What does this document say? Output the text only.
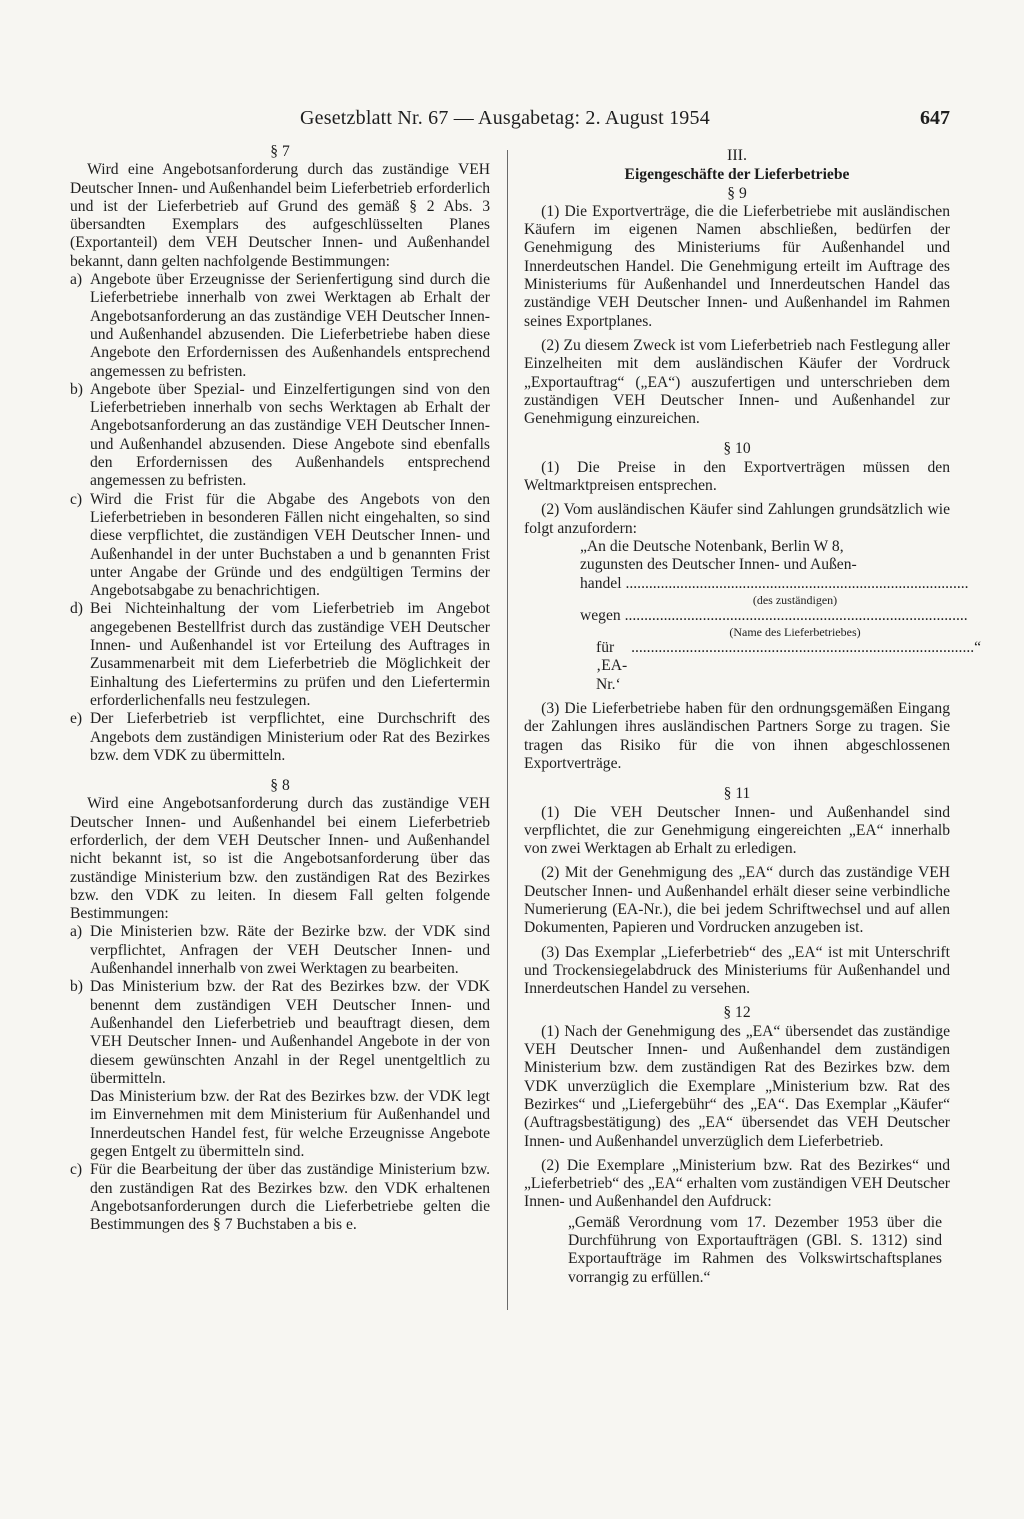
Gesetzblatt Nr. 67 — Ausgabetag: 2. August 1954	647
§ 7

Wird eine Angebotsanforderung durch das zuständige VEH Deutscher Innen- und Außenhandel beim Lieferbetrieb erforderlich und ist der Lieferbetrieb auf Grund des gemäß § 2 Abs. 3 übersandten Exemplars des aufgeschlüsselten Planes (Exportanteil) dem VEH Deutscher Innen- und Außenhandel bekannt, dann gelten nachfolgende Bestimmungen:

a) Angebote über Erzeugnisse der Serienfertigung sind durch die Lieferbetriebe innerhalb von zwei Werktagen ab Erhalt der Angebotsanforderung an das zuständige VEH Deutscher Innen- und Außenhandel abzusenden. Die Lieferbetriebe haben diese Angebote den Erfordernissen des Außenhandels entsprechend angemessen zu befristen.
b) Angebote über Spezial- und Einzelfertigungen sind von den Lieferbetrieben innerhalb von sechs Werktagen ab Erhalt der Angebotsanforderung an das zuständige VEH Deutscher Innen- und Außenhandel abzusenden. Diese Angebote sind ebenfalls den Erfordernissen des Außenhandels entsprechend angemessen zu befristen.
c) Wird die Frist für die Abgabe des Angebots von den Lieferbetrieben in besonderen Fällen nicht eingehalten, so sind diese verpflichtet, die zuständigen VEH Deutscher Innen- und Außenhandel in der unter Buchstaben a und b genannten Frist unter Angabe der Gründe und des endgültigen Termins der Angebotsabgabe zu benachrichtigen.
d) Bei Nichteinhaltung der vom Lieferbetrieb im Angebot angegebenen Bestellfrist durch das zuständige VEH Deutscher Innen- und Außenhandel ist vor Erteilung des Auftrages in Zusammenarbeit mit dem Lieferbetrieb die Möglichkeit der Einhaltung des Liefertermins zu prüfen und den Liefertermin erforderlichenfalls neu festzulegen.
e) Der Lieferbetrieb ist verpflichtet, eine Durchschrift des Angebots dem zuständigen Ministerium oder Rat des Bezirkes bzw. dem VDK zu übermitteln.
§ 8

Wird eine Angebotsanforderung durch das zuständige VEH Deutscher Innen- und Außenhandel bei einem Lieferbetrieb erforderlich, der dem VEH Deutscher Innen- und Außenhandel nicht bekannt ist, so ist die Angebotsanforderung über das zuständige Ministerium bzw. den zuständigen Rat des Bezirkes bzw. den VDK zu leiten. In diesem Fall gelten folgende Bestimmungen:

a) Die Ministerien bzw. Räte der Bezirke bzw. der VDK sind verpflichtet, Anfragen der VEH Deutscher Innen- und Außenhandel innerhalb von zwei Werktagen zu bearbeiten.
b) Das Ministerium bzw. der Rat des Bezirkes bzw. der VDK benennt dem zuständigen VEH Deutscher Innen- und Außenhandel den Lieferbetrieb und beauftragt diesen, dem VEH Deutscher Innen- und Außenhandel Angebote in der von diesem gewünschten Anzahl in der Regel unentgeltlich zu übermitteln.
Das Ministerium bzw. der Rat des Bezirkes bzw. der VDK legt im Einvernehmen mit dem Ministerium für Außenhandel und Innerdeutschen Handel fest, für welche Erzeugnisse Angebote gegen Entgelt zu übermitteln sind.
c) Für die Bearbeitung der über das zuständige Ministerium bzw. den zuständigen Rat des Bezirkes bzw. den VDK erhaltenen Angebotsanforderungen durch die Lieferbetriebe gelten die Bestimmungen des § 7 Buchstaben a bis e.
III.
Eigengeschäfte der Lieferbetriebe
§ 9

(1) Die Exportverträge, die die Lieferbetriebe mit ausländischen Käufern im eigenen Namen abschließen, bedürfen der Genehmigung des Ministeriums für Außenhandel und Innerdeutschen Handel. Die Genehmigung erteilt im Auftrage des Ministeriums für Außenhandel und Innerdeutschen Handel das zuständige VEH Deutscher Innen- und Außenhandel im Rahmen seines Exportplanes.

(2) Zu diesem Zweck ist vom Lieferbetrieb nach Festlegung aller Einzelheiten mit dem ausländischen Käufer der Vordruck „Exportauftrag“ („EA“) auszufertigen und unterschrieben dem zuständigen VEH Deutscher Innen- und Außenhandel zur Genehmigung einzureichen.

§ 10

(1) Die Preise in den Exportverträgen müssen den Weltmarktpreisen entsprechen.

(2) Vom ausländischen Käufer sind Zahlungen grundsätzlich wie folgt anzufordern:

„An die Deutsche Notenbank, Berlin W 8,
zugunsten des Deutscher Innen- und Außen-
handel ........................................................................................
(des zuständigen)
wegen ........................................................................................
(Name des Lieferbetriebes)
für ‚EA-Nr.‘
........................................................................................ “

(3) Die Lieferbetriebe haben für den ordnungsgemäßen Eingang der Zahlungen ihres ausländischen Partners Sorge zu tragen. Sie tragen das Risiko für die von ihnen abgeschlossenen Exportverträge.

§ 11

(1) Die VEH Deutscher Innen- und Außenhandel sind verpflichtet, die zur Genehmigung eingereichten „EA“ innerhalb von zwei Werktagen ab Erhalt zu erledigen.

(2) Mit der Genehmigung des „EA“ durch das zuständige VEH Deutscher Innen- und Außenhandel erhält dieser seine verbindliche Numerierung (EA-Nr.), die bei jedem Schriftwechsel und auf allen Dokumenten, Papieren und Vordrucken anzugeben ist.

(3) Das Exemplar „Lieferbetrieb“ des „EA“ ist mit Unterschrift und Trockensiegelabdruck des Ministeriums für Außenhandel und Innerdeutschen Handel zu versehen.

§ 12

(1) Nach der Genehmigung des „EA“ übersendet das zuständige VEH Deutscher Innen- und Außenhandel dem zuständigen Ministerium bzw. dem zuständigen Rat des Bezirkes bzw. dem VDK unverzüglich die Exemplare „Ministerium bzw. Rat des Bezirkes“ und „Liefergebühr“ des „EA“. Das Exemplar „Käufer“ (Auftragsbestätigung) des „EA“ übersendet das VEH Deutscher Innen- und Außenhandel unverzüglich dem Lieferbetrieb.

(2) Die Exemplare „Ministerium bzw. Rat des Bezirkes“ und „Lieferbetrieb“ des „EA“ erhalten vom zuständigen VEH Deutscher Innen- und Außenhandel den Aufdruck:

„Gemäß Verordnung vom 17. Dezember 1953 über die Durchführung von Exportaufträgen (GBl. S. 1312) sind Exportaufträge im Rahmen des Volkswirtschaftsplanes vorrangig zu erfüllen.“
